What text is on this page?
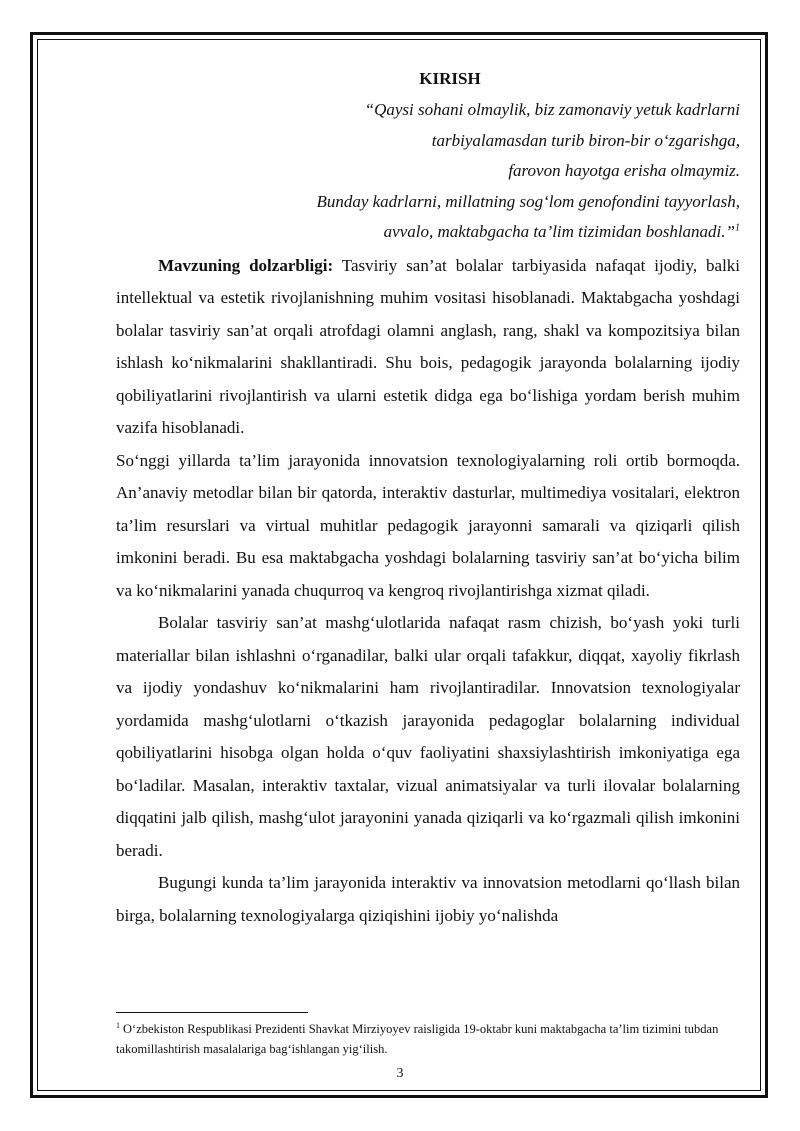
KIRISH
“Qaysi sohani olmaylik, biz zamonaviy yetuk kadrlarni
tarbiyalamasdan turib biron-bir o‘zgarishga,
farovon hayotga erisha olmaymiz.
Bunday kadrlarni, millatning sog‘lom genofondini tayyorlash,
avvalo, maktabgacha ta’lim tizimidan boshlanadi.”$^1$

Mavzuning dolzarbligi: Tasviriy san’at bolalar tarbiyasida nafaqat ijodiy, balki intellektual va estetik rivojlanishning muhim vositasi hisoblanadi. Maktabgacha yoshdagi bolalar tasviriy san’at orqali atrofdagi olamni anglash, rang, shakl va kompozitsiya bilan ishlash ko‘nikmalarini shakllantiradi. Shu bois, pedagogik jarayonda bolalarning ijodiy qobiliyatlarini rivojlantirish va ularni estetik didga ega bo‘lishiga yordam berish muhim vazifa hisoblanadi.

So‘nggi yillarda ta’lim jarayonida innovatsion texnologiyalarning roli ortib bormoqda. An’anaviy metodlar bilan bir qatorda, interaktiv dasturlar, multimediya vositalari, elektron ta’lim resurslari va virtual muhitlar pedagogik jarayonni samarali va qiziqarli qilish imkonini beradi. Bu esa maktabgacha yoshdagi bolalarning tasviriy san’at bo‘yicha bilim va ko‘nikmalarini yanada chuqurroq va kengroq rivojlantirishga xizmat qiladi.

Bolalar tasviriy san’at mashg‘ulotlarida nafaqat rasm chizish, bo‘yash yoki turli materiallar bilan ishlashni o‘rganadilar, balki ular orqali tafakkur, diqqat, xayoliy fikrlash va ijodiy yondashuv ko‘nikmalarini ham rivojlantiradilar. Innovatsion texnologiyalar yordamida mashg‘ulotlarni o‘tkazish jarayonida pedagoglar bolalarning individual qobiliyatlarini hisobga olgan holda o‘quv faoliyatini shaxsiylashtirish imkoniyatiga ega bo‘ladilar. Masalan, interaktiv taxtalar, vizual animatsiyalar va turli ilovalar bolalarning diqqatini jalb qilish, mashg‘ulot jarayonini yanada qiziqarli va ko‘rgazmali qilish imkonini beradi.

Bugungi kunda ta’lim jarayonida interaktiv va innovatsion metodlarni qo‘llash bilan birga, bolalarning texnologiyalarga qiziqishini ijobiy yo‘nalishda

$^1$ O‘zbekiston Respublikasi Prezidenti Shavkat Mirziyoyev raisligida 19-oktabr kuni maktabgacha ta’lim tizimini tubdan takomillashtirish masalalariga bag‘ishlangan yig‘ilish.
3
